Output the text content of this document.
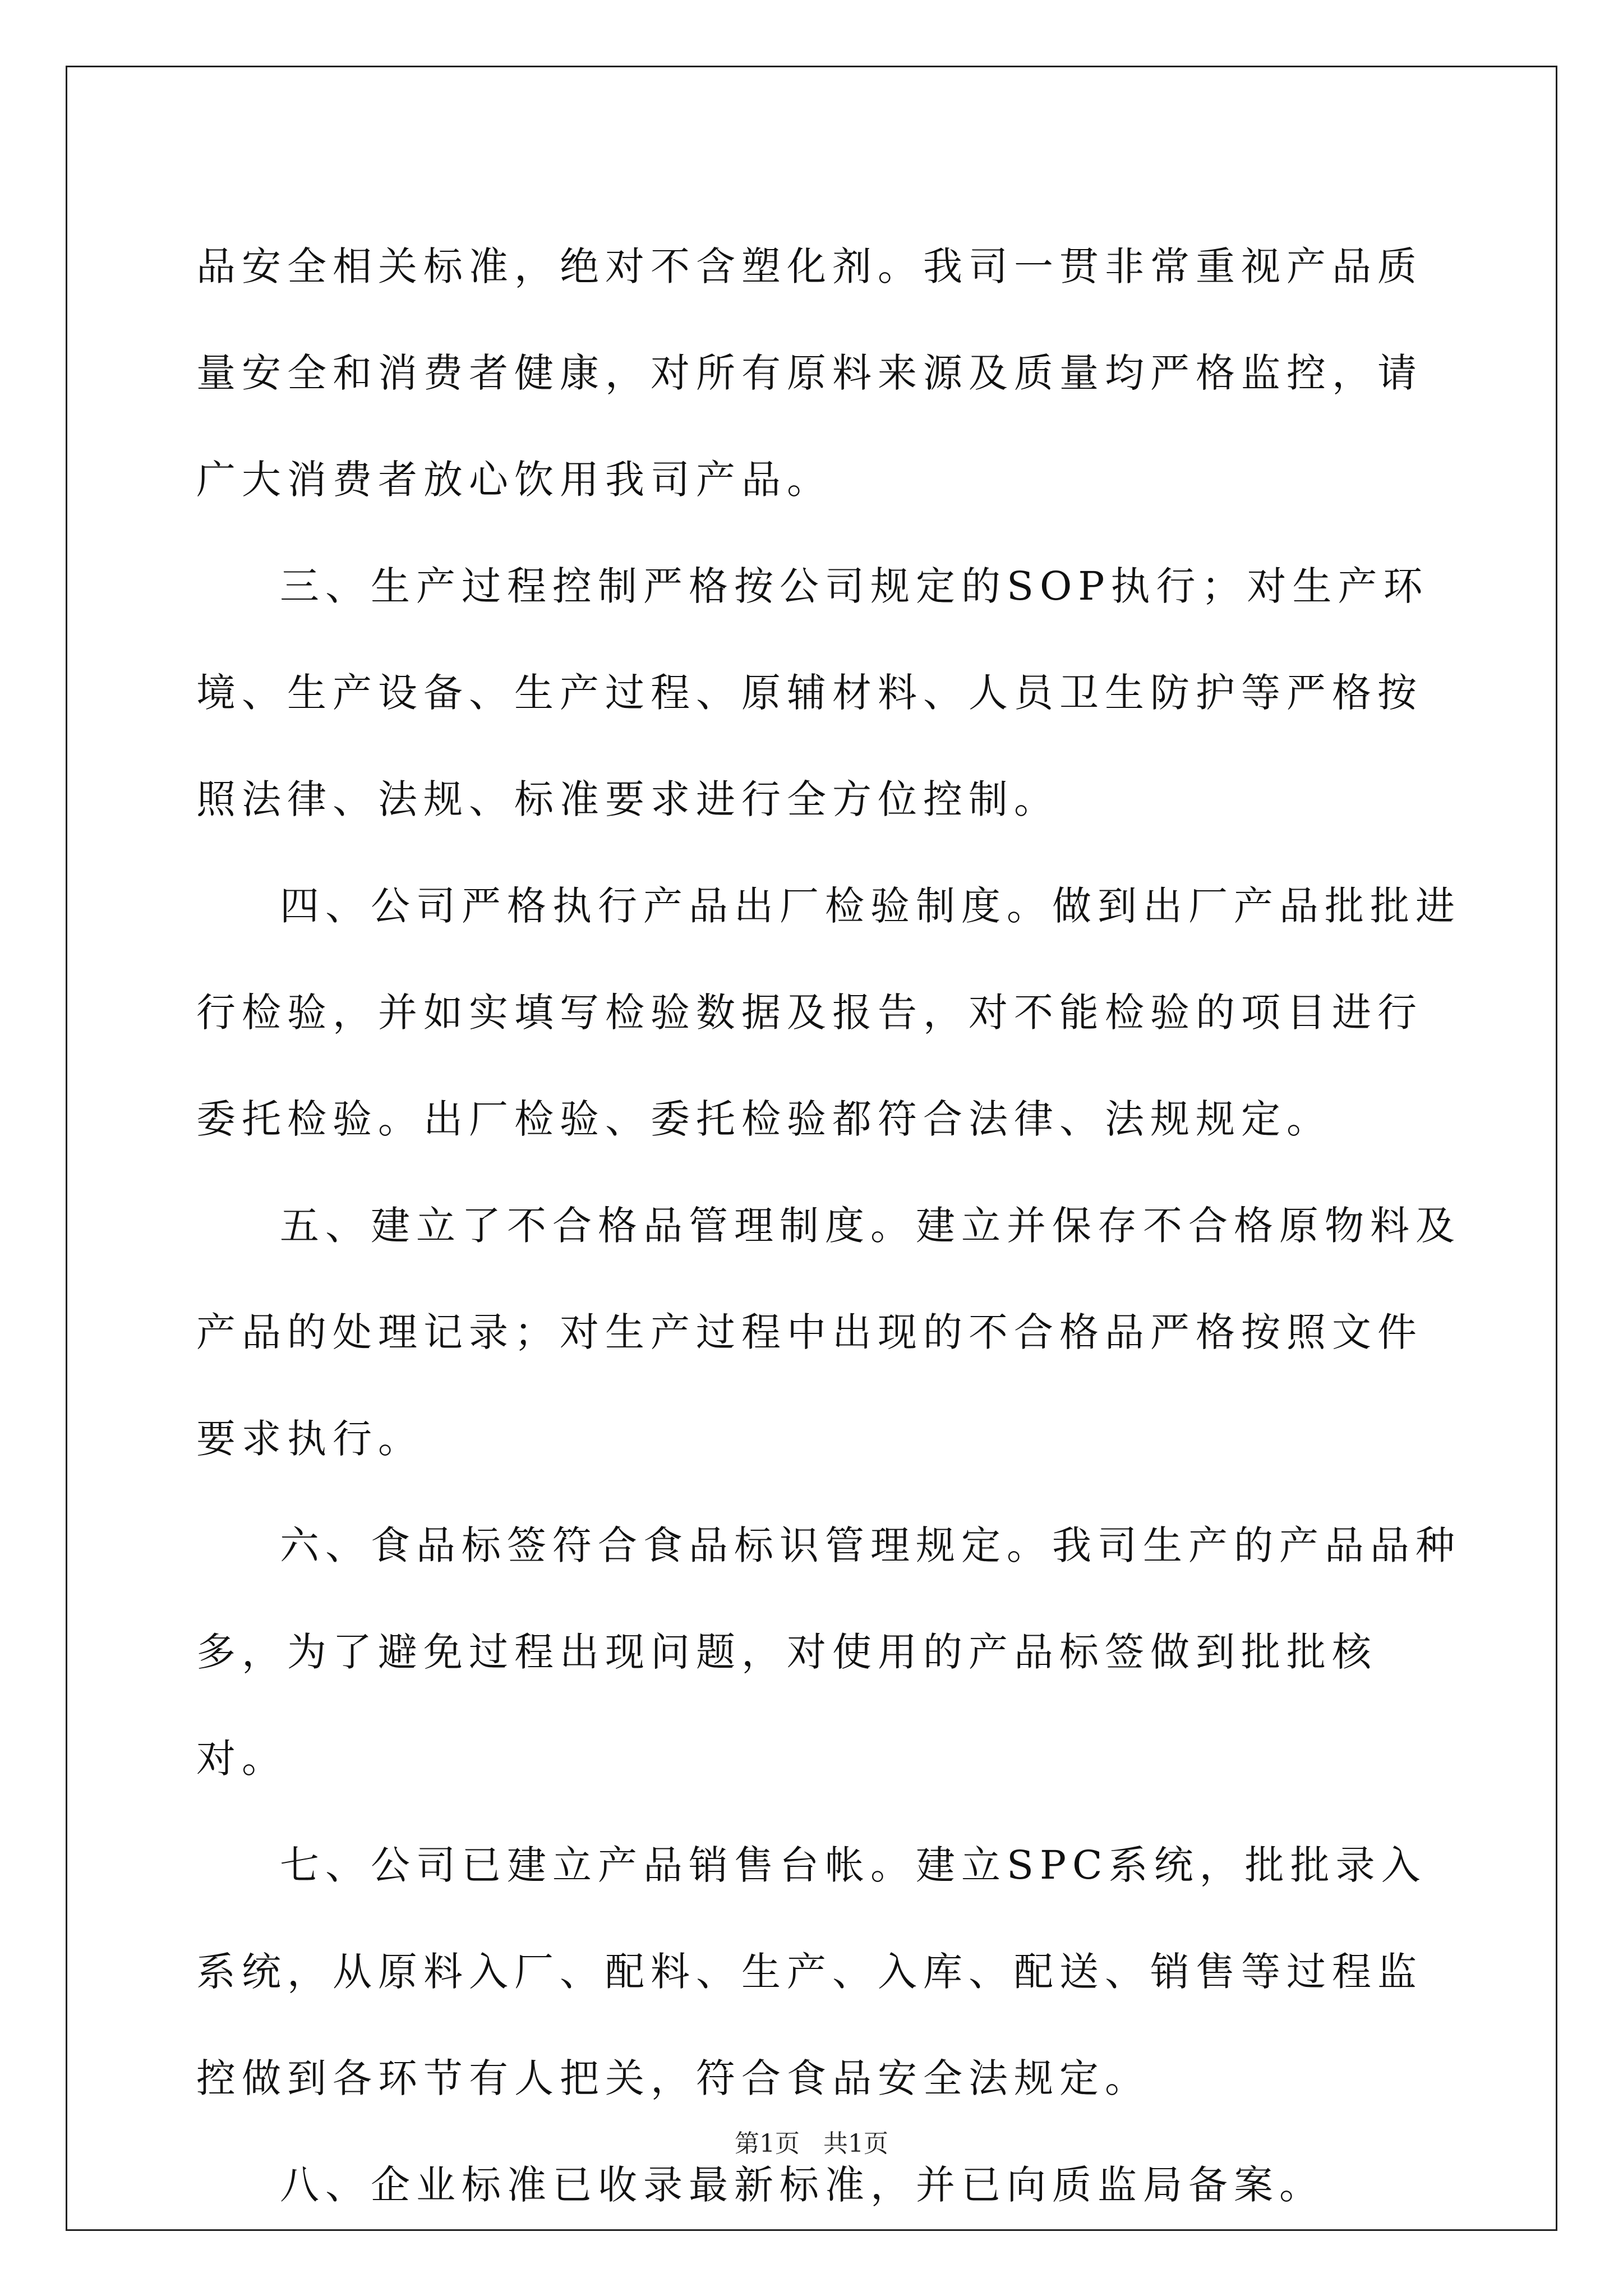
品安全相关标准，绝对不含塑化剂。我司一贯非常重视产品质量安全和消费者健康，对所有原料来源及质量均严格监控，请广大消费者放心饮用我司产品。

三、生产过程控制严格按公司规定的SOP执行；对生产环境、生产设备、生产过程、原辅材料、人员卫生防护等严格按照法律、法规、标准要求进行全方位控制。

四、公司严格执行产品出厂检验制度。做到出厂产品批批进行检验，并如实填写检验数据及报告，对不能检验的项目进行委托检验。出厂检验、委托检验都符合法律、法规规定。

五、建立了不合格品管理制度。建立并保存不合格原物料及产品的处理记录；对生产过程中出现的不合格品严格按照文件要求执行。

六、食品标签符合食品标识管理规定。我司生产的产品品种多，为了避免过程出现问题，对使用的产品标签做到批批核对。

七、公司已建立产品销售台帐。建立SPC系统，批批录入系统，从原料入厂、配料、生产、入库、配送、销售等过程监控做到各环节有人把关，符合食品安全法规定。

八、企业标准已收录最新标准，并已向质监局备案。

第1页 共1页
